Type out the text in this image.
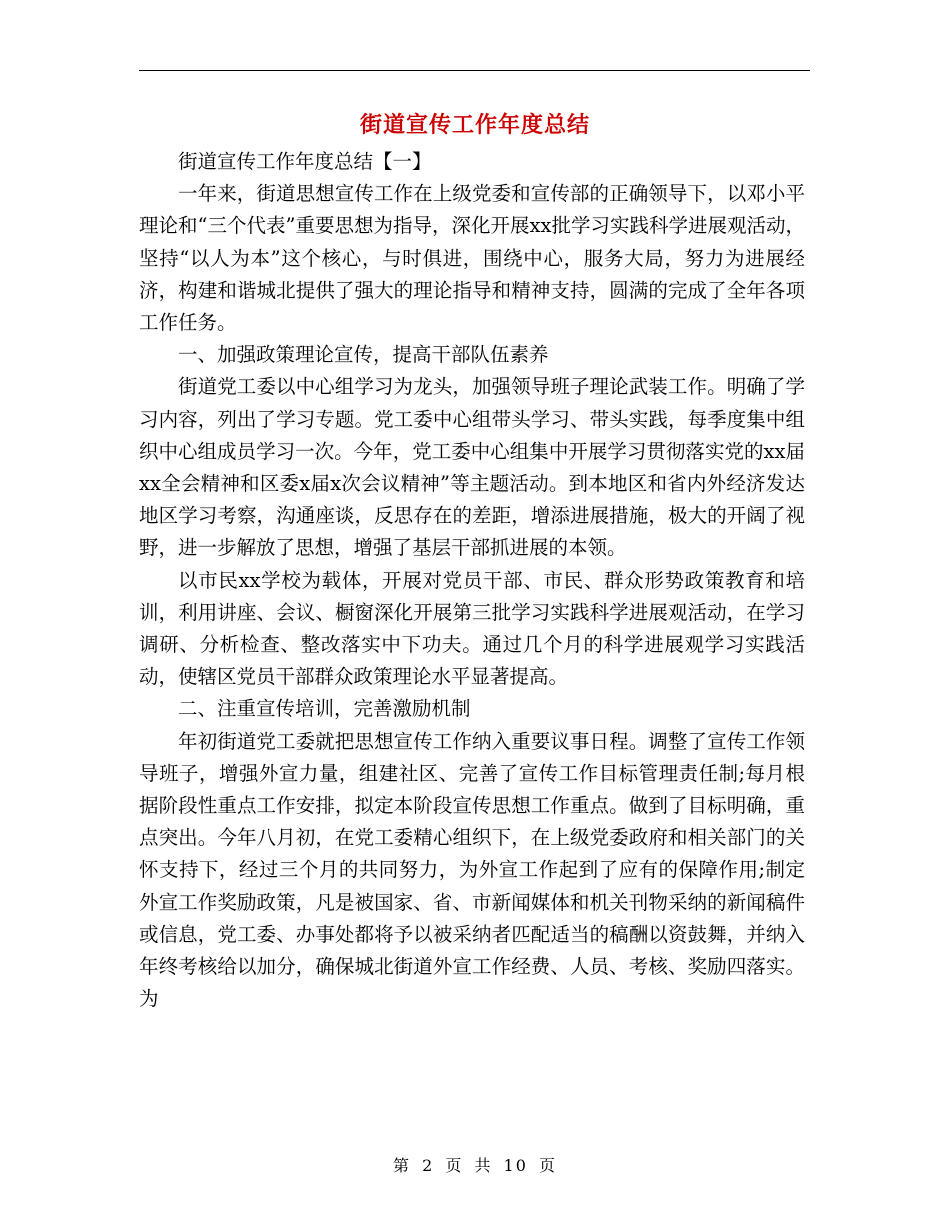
街道宣传工作年度总结

街道宣传工作年度总结【一】

一年来，街道思想宣传工作在上级党委和宣传部的正确领导下，以邓小平理论和“三个代表”重要思想为指导，深化开展xx批学习实践科学进展观活动，坚持“以人为本”这个核心，与时俱进，围绕中心，服务大局，努力为进展经济，构建和谐城北提供了强大的理论指导和精神支持，圆满的完成了全年各项工作任务。

一、加强政策理论宣传，提高干部队伍素养

街道党工委以中心组学习为龙头，加强领导班子理论武装工作。明确了学习内容，列出了学习专题。党工委中心组带头学习、带头实践，每季度集中组织中心组成员学习一次。今年，党工委中心组集中开展学习贯彻落实党的xx届xx全会精神和区委x届x次会议精神”等主题活动。到本地区和省内外经济发达地区学习考察，沟通座谈，反思存在的差距，增添进展措施，极大的开阔了视野，进一步解放了思想，增强了基层干部抓进展的本领。

以市民xx学校为载体，开展对党员干部、市民、群众形势政策教育和培训，利用讲座、会议、橱窗深化开展第三批学习实践科学进展观活动，在学习调研、分析检查、整改落实中下功夫。通过几个月的科学进展观学习实践活动，使辖区党员干部群众政策理论水平显著提高。

二、注重宣传培训，完善激励机制

年初街道党工委就把思想宣传工作纳入重要议事日程。调整了宣传工作领导班子，增强外宣力量，组建社区、完善了宣传工作目标管理责任制;每月根据阶段性重点工作安排，拟定本阶段宣传思想工作重点。做到了目标明确，重点突出。今年八月初，在党工委精心组织下，在上级党委政府和相关部门的关怀支持下，经过三个月的共同努力，为外宣工作起到了应有的保障作用;制定外宣工作奖励政策，凡是被国家、省、市新闻媒体和机关刊物采纳的新闻稿件或信息，党工委、办事处都将予以被采纳者匹配适当的稿酬以资鼓舞，并纳入年终考核给以加分，确保城北街道外宣工作经费、人员、考核、奖励四落实。为

第 2 页 共 10 页
